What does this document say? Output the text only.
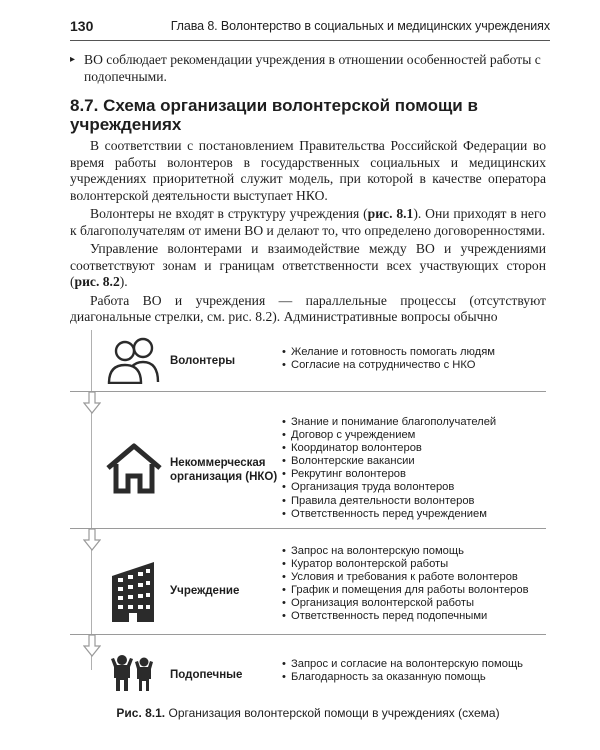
130	Глава 8. Волонтерство в социальных и медицинских учреждениях
▸ ВО соблюдает рекомендации учреждения в отношении особенностей работы с подопечными.
8.7. Схема организации волонтерской помощи в учреждениях

В соответствии с постановлением Правительства Российской Федерации во время работы волонтеров в государственных социальных и медицинских учреждениях приоритетной служит модель, при которой в качестве оператора волонтерской деятельности выступает НКО.

Волонтеры не входят в структуру учреждения (рис. 8.1). Они приходят в него к благополучателям от имени ВО и делают то, что определено договоренностями.

Управление волонтерами и взаимодействие между ВО и учреждениями соответствуют зонам и границам ответственности всех участвующих сторон (рис. 8.2).

Работа ВО и учреждения — параллельные процессы (отсутствуют диагональные стрелки, см. рис. 8.2). Административные вопросы обычно

Волонтеры
• Желание и готовность помогать людям
• Согласие на сотрудничество с НКО
Некоммерческая организация (НКО)
• Знание и понимание благополучателей
• Договор с учреждением
• Координатор волонтеров
• Волонтерские вакансии
• Рекрутинг волонтеров
• Организация труда волонтеров
• Правила деятельности волонтеров
• Ответственность перед учреждением
Учреждение
• Запрос на волонтерскую помощь
• Куратор волонтерской работы
• Условия и требования к работе волонтеров
• График и помещения для работы волонтеров
• Организация волонтерской работы
• Ответственность перед подопечными
Подопечные
• Запрос и согласие на волонтерскую помощь
• Благодарность за оказанную помощь
Рис. 8.1. Организация волонтерской помощи в учреждениях (схема)
